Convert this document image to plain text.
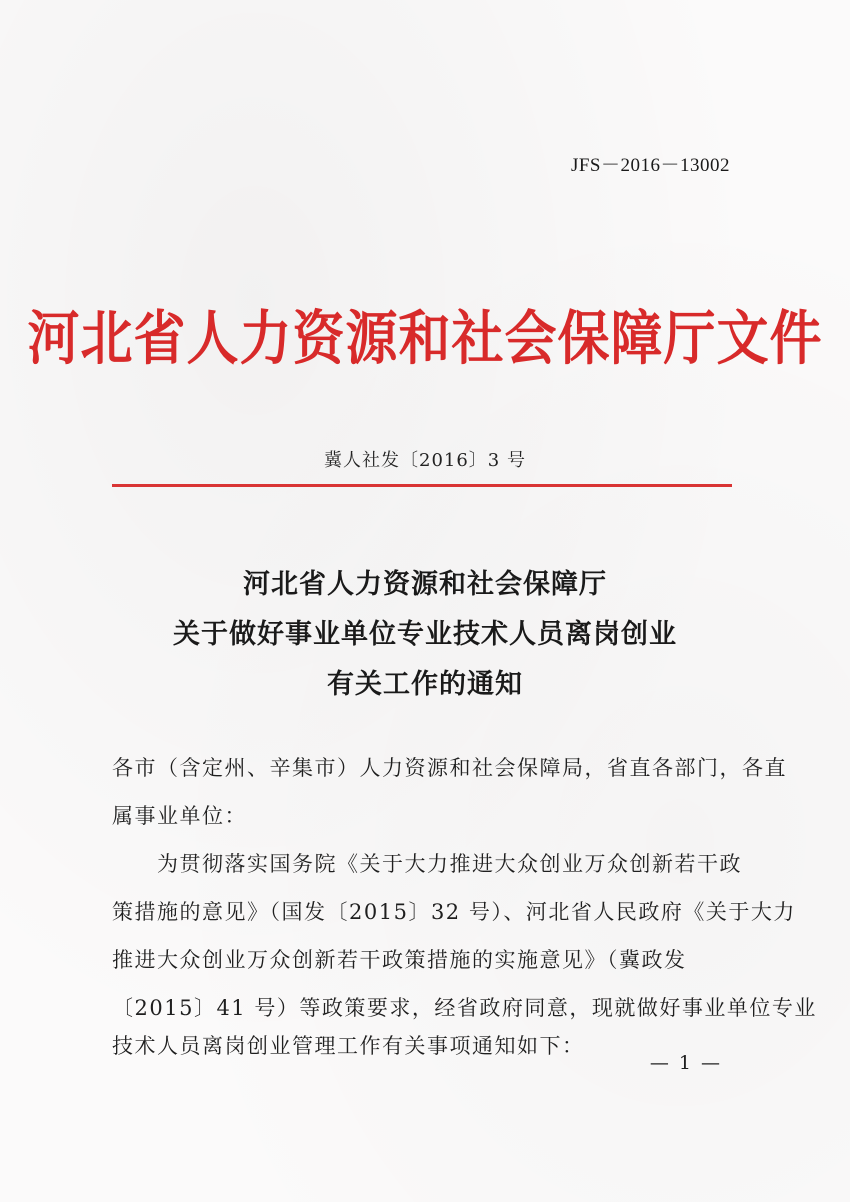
JFS－2016－13002
河北省人力资源和社会保障厅文件
冀人社发〔2016〕3 号
河北省人力资源和社会保障厅
关于做好事业单位专业技术人员离岗创业
有关工作的通知
各市（含定州、辛集市）人力资源和社会保障局，省直各部门，各直
属事业单位：
　　为贯彻落实国务院《关于大力推进大众创业万众创新若干政
策措施的意见》（国发〔2015〕32 号）、河北省人民政府《关于大力
推进大众创业万众创新若干政策措施的实施意见》（冀政发
〔2015〕41 号）等政策要求，经省政府同意，现就做好事业单位专业
技术人员离岗创业管理工作有关事项通知如下：
— 1 —
